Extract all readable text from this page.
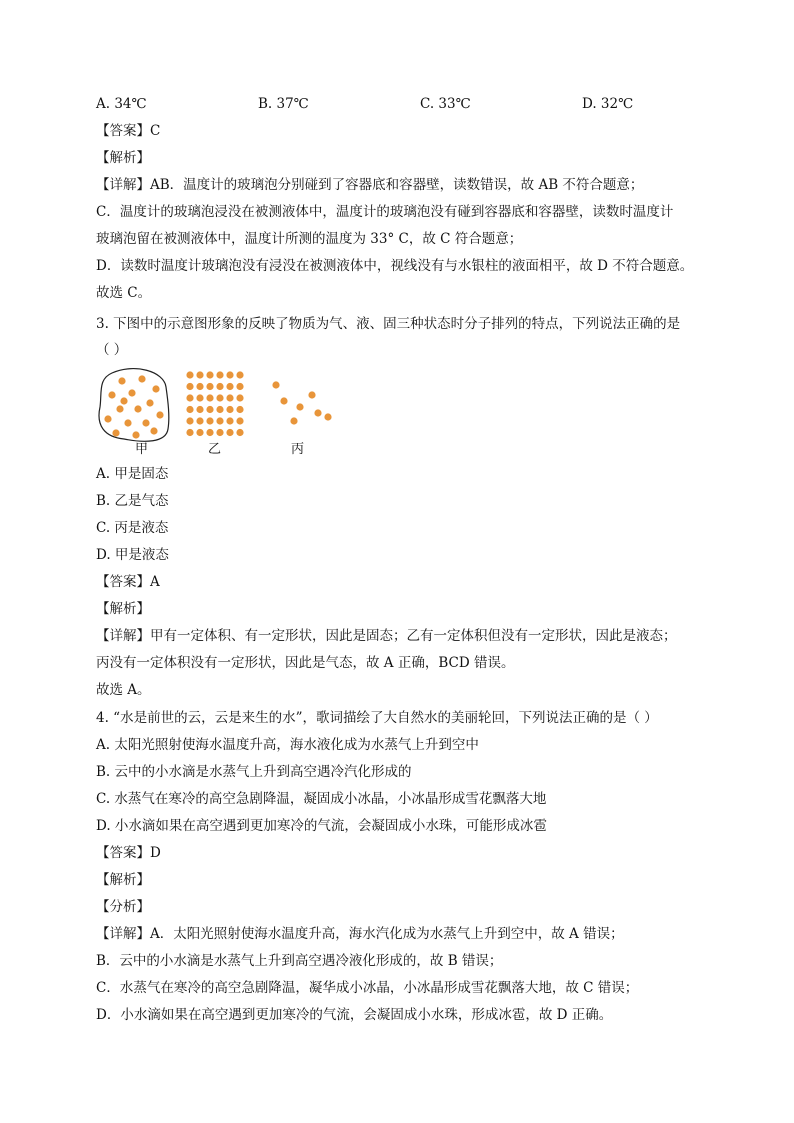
A. 34℃	B. 37℃	C. 33℃	D. 32℃
【答案】C
【解析】
【详解】AB．温度计的玻璃泡分别碰到了容器底和容器壁，读数错误，故 AB 不符合题意；
C．温度计的玻璃泡浸没在被测液体中，温度计的玻璃泡没有碰到容器底和容器壁，读数时温度计
玻璃泡留在被测液体中，温度计所测的温度为 33° C，故 C 符合题意；
D．读数时温度计玻璃泡没有浸没在被测液体中，视线没有与水银柱的液面相平，故 D 不符合题意。
故选 C。
3. 下图中的示意图形象的反映了物质为气、液、固三种状态时分子排列的特点，下列说法正确的是
（ ）
甲	乙	丙
A. 甲是固态
B. 乙是气态
C. 丙是液态
D. 甲是液态
【答案】A
【解析】
【详解】甲有一定体积、有一定形状，因此是固态；乙有一定体积但没有一定形状，因此是液态；
丙没有一定体积没有一定形状，因此是气态，故 A 正确，BCD 错误。
故选 A。
4. “水是前世的云，云是来生的水”，歌词描绘了大自然水的美丽轮回，下列说法正确的是（ ）
A. 太阳光照射使海水温度升高，海水液化成为水蒸气上升到空中
B. 云中的小水滴是水蒸气上升到高空遇冷汽化形成的
C. 水蒸气在寒冷的高空急剧降温，凝固成小冰晶，小冰晶形成雪花飘落大地
D. 小水滴如果在高空遇到更加寒冷的气流，会凝固成小水珠，可能形成冰雹
【答案】D
【解析】
【分析】
【详解】A．太阳光照射使海水温度升高，海水汽化成为水蒸气上升到空中，故 A 错误；
B．云中的小水滴是水蒸气上升到高空遇冷液化形成的，故 B 错误；
C．水蒸气在寒冷的高空急剧降温，凝华成小冰晶，小冰晶形成雪花飘落大地，故 C 错误；
D．小水滴如果在高空遇到更加寒冷的气流，会凝固成小水珠，形成冰雹，故 D 正确。
